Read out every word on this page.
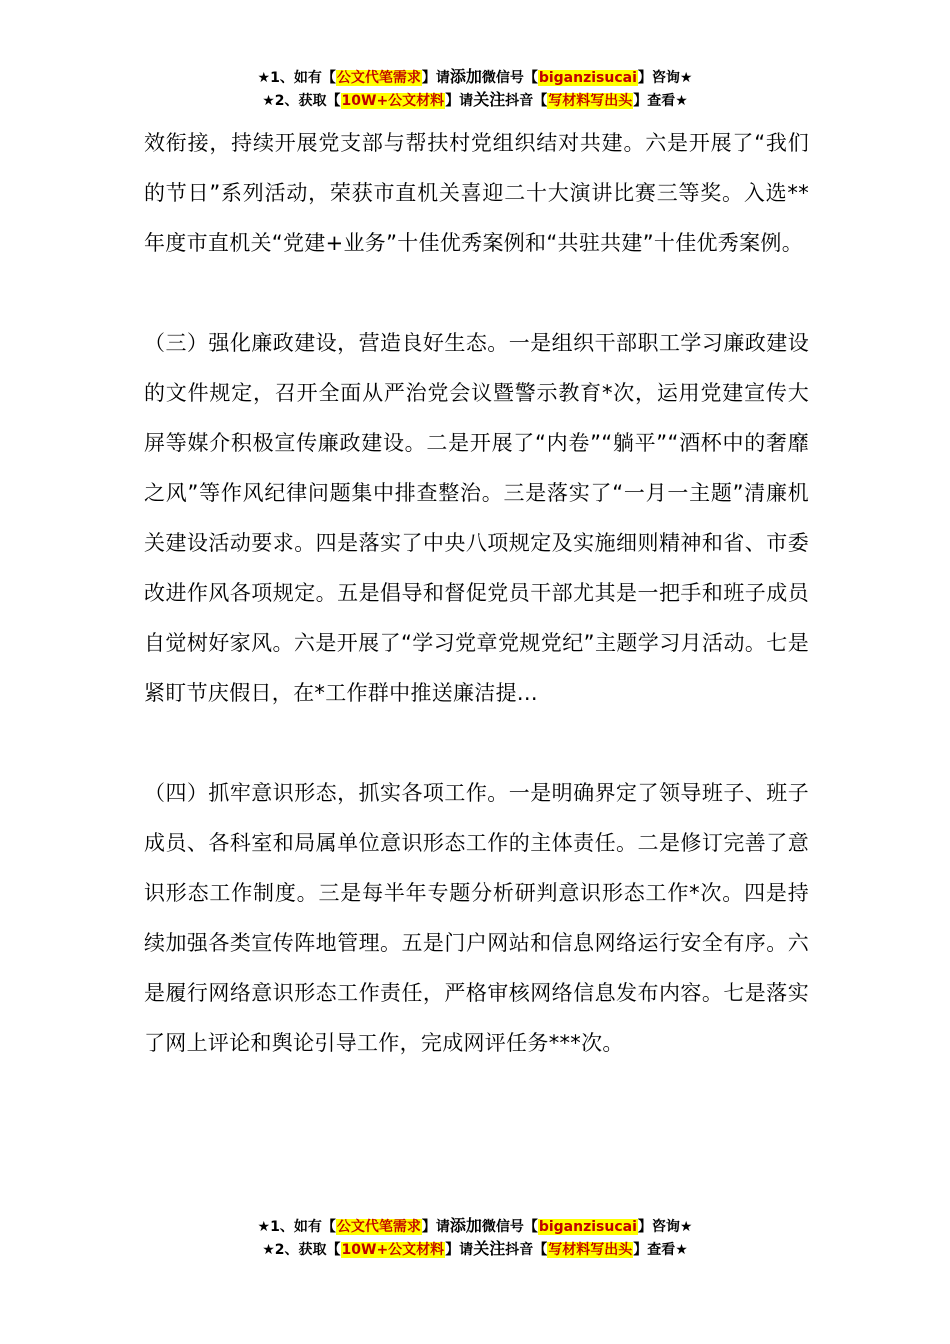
★1、如有【公文代笔需求】请添加微信号【biganzisucai】咨询★
★2、获取【10W+公文材料】请关注抖音【写材料写出头】查看★

效衔接，持续开展党支部与帮扶村党组织结对共建。六是开展了“我们的节日”系列活动，荣获市直机关喜迎二十大演讲比赛三等奖。入选**年度市直机关“党建+业务”十佳优秀案例和“共驻共建”十佳优秀案例。

（三）强化廉政建设，营造良好生态。一是组织干部职工学习廉政建设的文件规定，召开全面从严治党会议暨警示教育*次，运用党建宣传大屏等媒介积极宣传廉政建设。二是开展了“内卷”“躺平”“酒杯中的奢靡之风”等作风纪律问题集中排查整治。三是落实了“一月一主题”清廉机关建设活动要求。四是落实了中央八项规定及实施细则精神和省、市委改进作风各项规定。五是倡导和督促党员干部尤其是一把手和班子成员自觉树好家风。六是开展了“学习党章党规党纪”主题学习月活动。七是紧盯节庆假日，在*工作群中推送廉洁提...

（四）抓牢意识形态，抓实各项工作。一是明确界定了领导班子、班子成员、各科室和局属单位意识形态工作的主体责任。二是修订完善了意识形态工作制度。三是每半年专题分析研判意识形态工作*次。四是持续加强各类宣传阵地管理。五是门户网站和信息网络运行安全有序。六是履行网络意识形态工作责任，严格审核网络信息发布内容。七是落实了网上评论和舆论引导工作，完成网评任务***次。

★1、如有【公文代笔需求】请添加微信号【biganzisucai】咨询★
★2、获取【10W+公文材料】请关注抖音【写材料写出头】查看★
